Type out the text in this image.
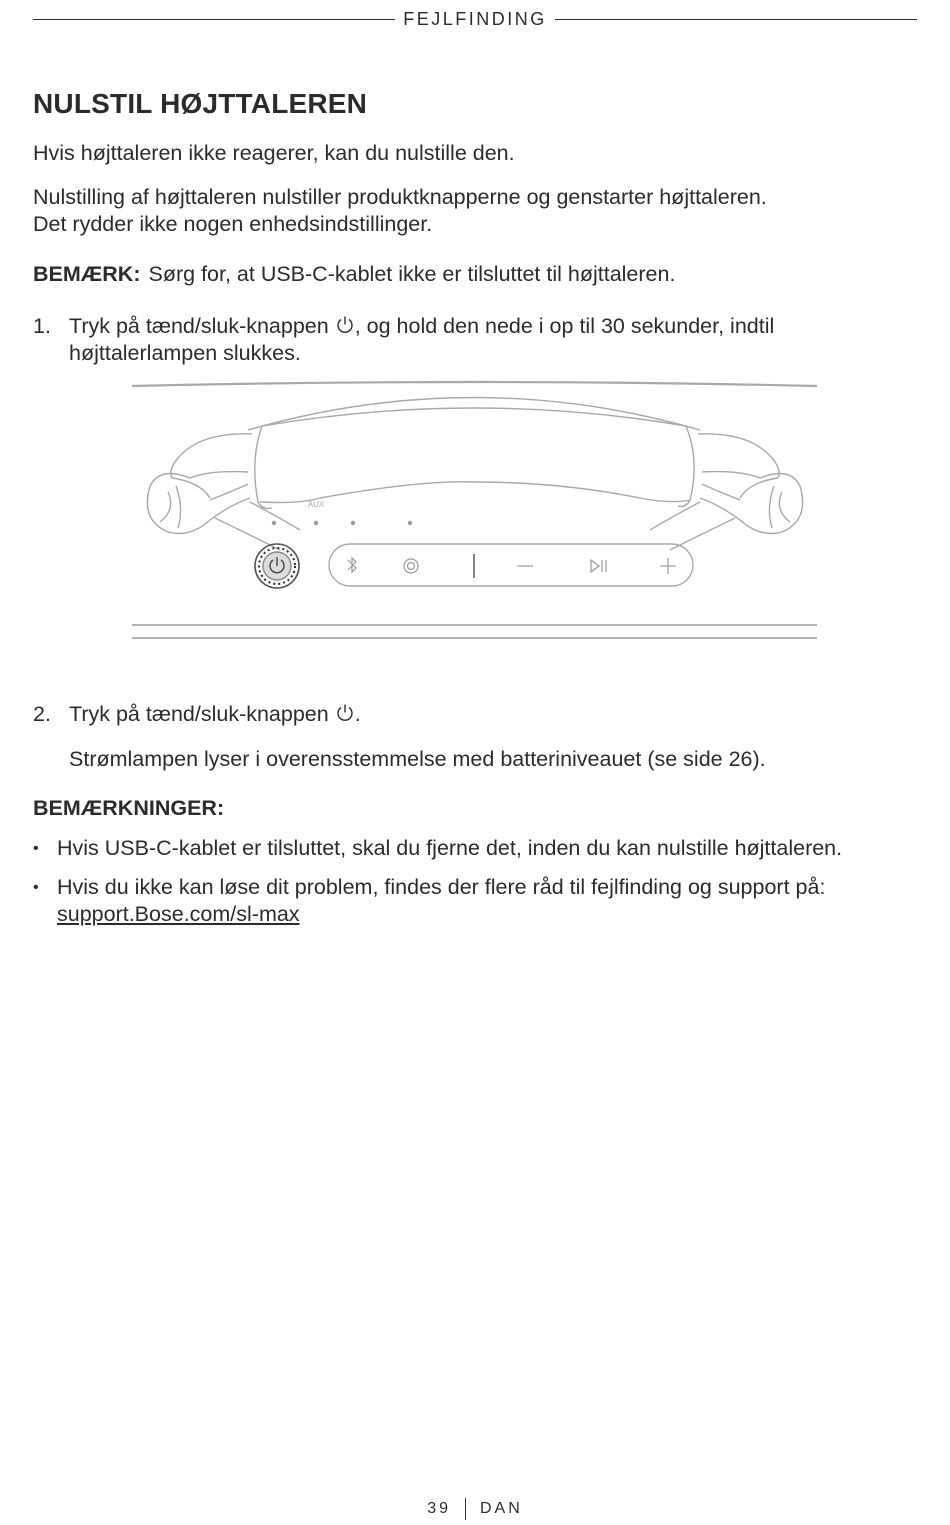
FEJLFINDING
NULSTIL HØJTTALEREN
Hvis højttaleren ikke reagerer, kan du nulstille den.
Nulstilling af højttaleren nulstiller produktknapperne og genstarter højttaleren.
Det rydder ikke nogen enhedsindstillinger.
BEMÆRK: Sørg for, at USB-C-kablet ikke er tilsluttet til højttaleren.
1. Tryk på tænd/sluk-knappen , og hold den nede i op til 30 sekunder, indtil
højttalerlampen slukkes.
AUX
2. Tryk på tænd/sluk-knappen .
Strømlampen lyser i overensstemmelse med batteriniveauet (se side 26).
BEMÆRKNINGER:
• Hvis USB-C-kablet er tilsluttet, skal du fjerne det, inden du kan nulstille højttaleren.
• Hvis du ikke kan løse dit problem, findes der flere råd til fejlfinding og support på:
support.Bose.com/sl-max
39 DAN
